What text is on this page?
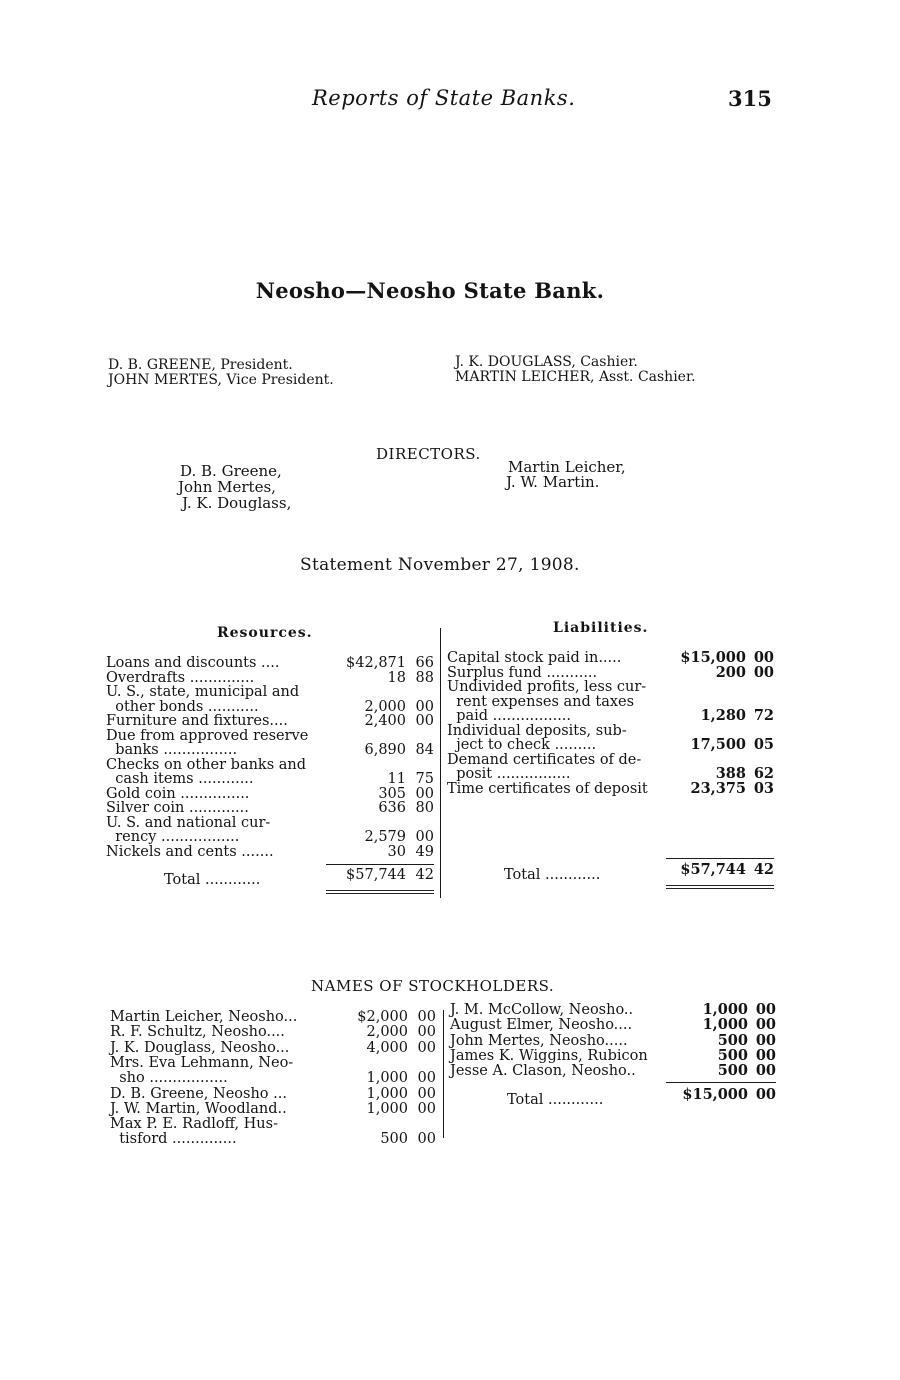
Reports of State Banks.	315
Neosho—Neosho State Bank.
D. B. GREENE, President.
JOHN MERTES, Vice President.
J. K. DOUGLASS, Cashier.
MARTIN LEICHER, Asst. Cashier.
DIRECTORS.
D. B. Greene,
John Mertes,
J. K. Douglass,
Martin Leicher,
J. W. Martin.
Statement November 27, 1908.
Resources.	Liabilities.
Loans and discounts ....	$42,871 66
Overdrafts ..............	18 88
U. S., state, municipal and
other bonds ...........	2,000 00
Furniture and fixtures....	2,400 00
Due from approved reserve
banks ................	6,890 84
Checks on other banks and
cash items ............	11 75
Gold coin ...............	305 00
Silver coin .............	636 80
U. S. and national cur-
rency .................	2,579 00
Nickels and cents .......	30 49
Capital stock paid in.....	$15,000 00
Surplus fund ...........	200 00
Undivided profits, less cur-
rent expenses and taxes
paid .................	1,280 72
Individual deposits, sub-
ject to check .........	17,500 05
Demand certificates of de-
posit ................	388 62
Time certificates of deposit	23,375 03
Total ............	$57,744 42	Total ............	$57,744 42
NAMES OF STOCKHOLDERS.
Martin Leicher, Neosho...	$2,000 00
R. F. Schultz, Neosho....	2,000 00
J. K. Douglass, Neosho...	4,000 00
Mrs. Eva Lehmann, Neo-
sho .................	1,000 00
D. B. Greene, Neosho ...	1,000 00
J. W. Martin, Woodland..	1,000 00
Max P. E. Radloff, Hus-
tisford ..............	500 00
J. M. McCollow, Neosho..	1,000 00
August Elmer, Neosho....	1,000 00
John Mertes, Neosho.....	500 00
James K. Wiggins, Rubicon	500 00
Jesse A. Clason, Neosho..	500 00
Total ............	$15,000 00
